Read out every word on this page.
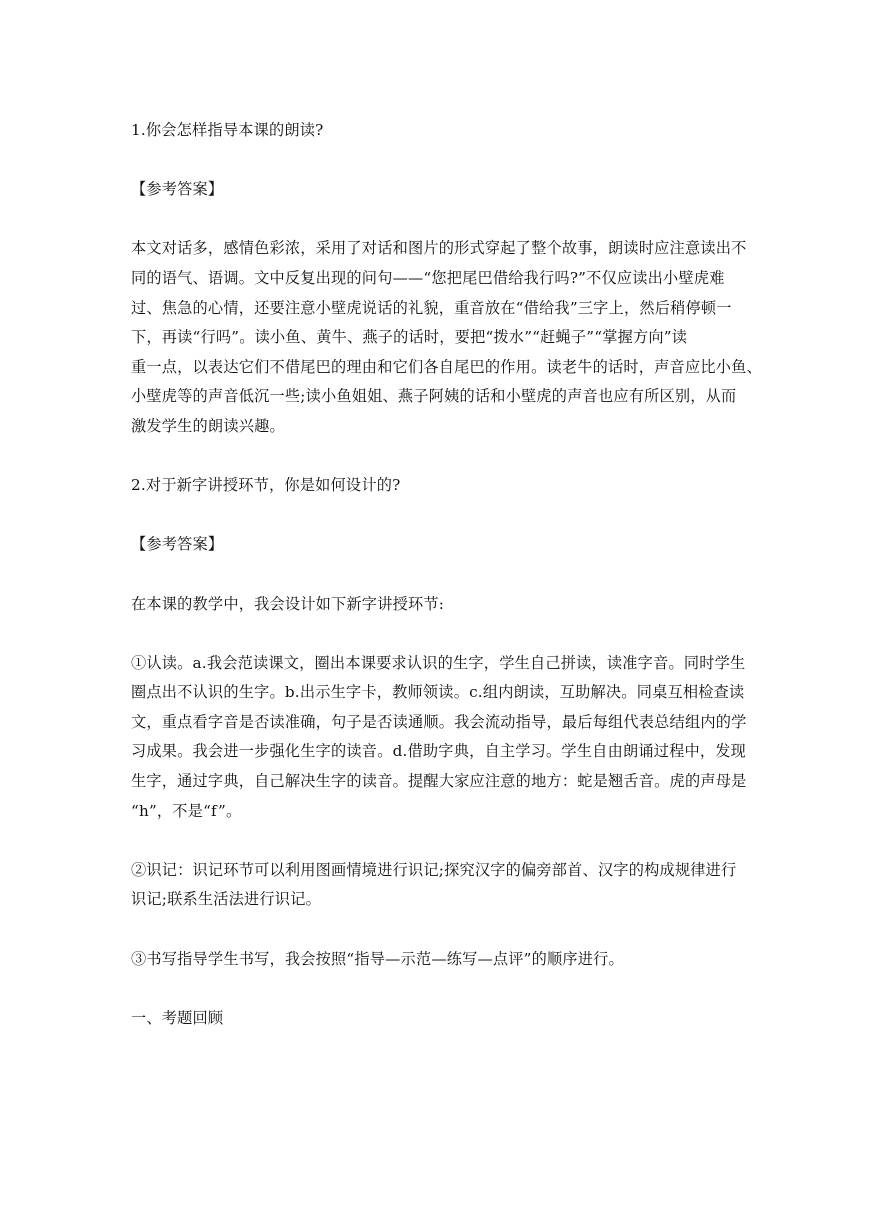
1.你会怎样指导本课的朗读?

【参考答案】

本文对话多，感情色彩浓，采用了对话和图片的形式穿起了整个故事，朗读时应注意读出不
同的语气、语调。文中反复出现的问句——“您把尾巴借给我行吗?”不仅应读出小壁虎难
过、焦急的心情，还要注意小壁虎说话的礼貌，重音放在“借给我”三字上，然后稍停顿一
下，再读“行吗”。读小鱼、黄牛、燕子的话时，要把“拨水”“赶蝇子”“掌握方向”读
重一点，以表达它们不借尾巴的理由和它们各自尾巴的作用。读老牛的话时，声音应比小鱼、
小壁虎等的声音低沉一些;读小鱼姐姐、燕子阿姨的话和小壁虎的声音也应有所区别，从而
激发学生的朗读兴趣。

2.对于新字讲授环节，你是如何设计的?

【参考答案】

在本课的教学中，我会设计如下新字讲授环节:

①认读。a.我会范读课文，圈出本课要求认识的生字，学生自己拼读，读准字音。同时学生
圈点出不认识的生字。b.出示生字卡，教师领读。c.组内朗读，互助解决。同桌互相检查读
文，重点看字音是否读准确，句子是否读通顺。我会流动指导，最后每组代表总结组内的学
习成果。我会进一步强化生字的读音。d.借助字典，自主学习。学生自由朗诵过程中，发现
生字，通过字典，自己解决生字的读音。提醒大家应注意的地方：蛇是翘舌音。虎的声母是
“h”，不是“f”。

②识记：识记环节可以利用图画情境进行识记;探究汉字的偏旁部首、汉字的构成规律进行
识记;联系生活法进行识记。

③书写指导学生书写，我会按照“指导—示范—练写—点评”的顺序进行。

一、考题回顾
